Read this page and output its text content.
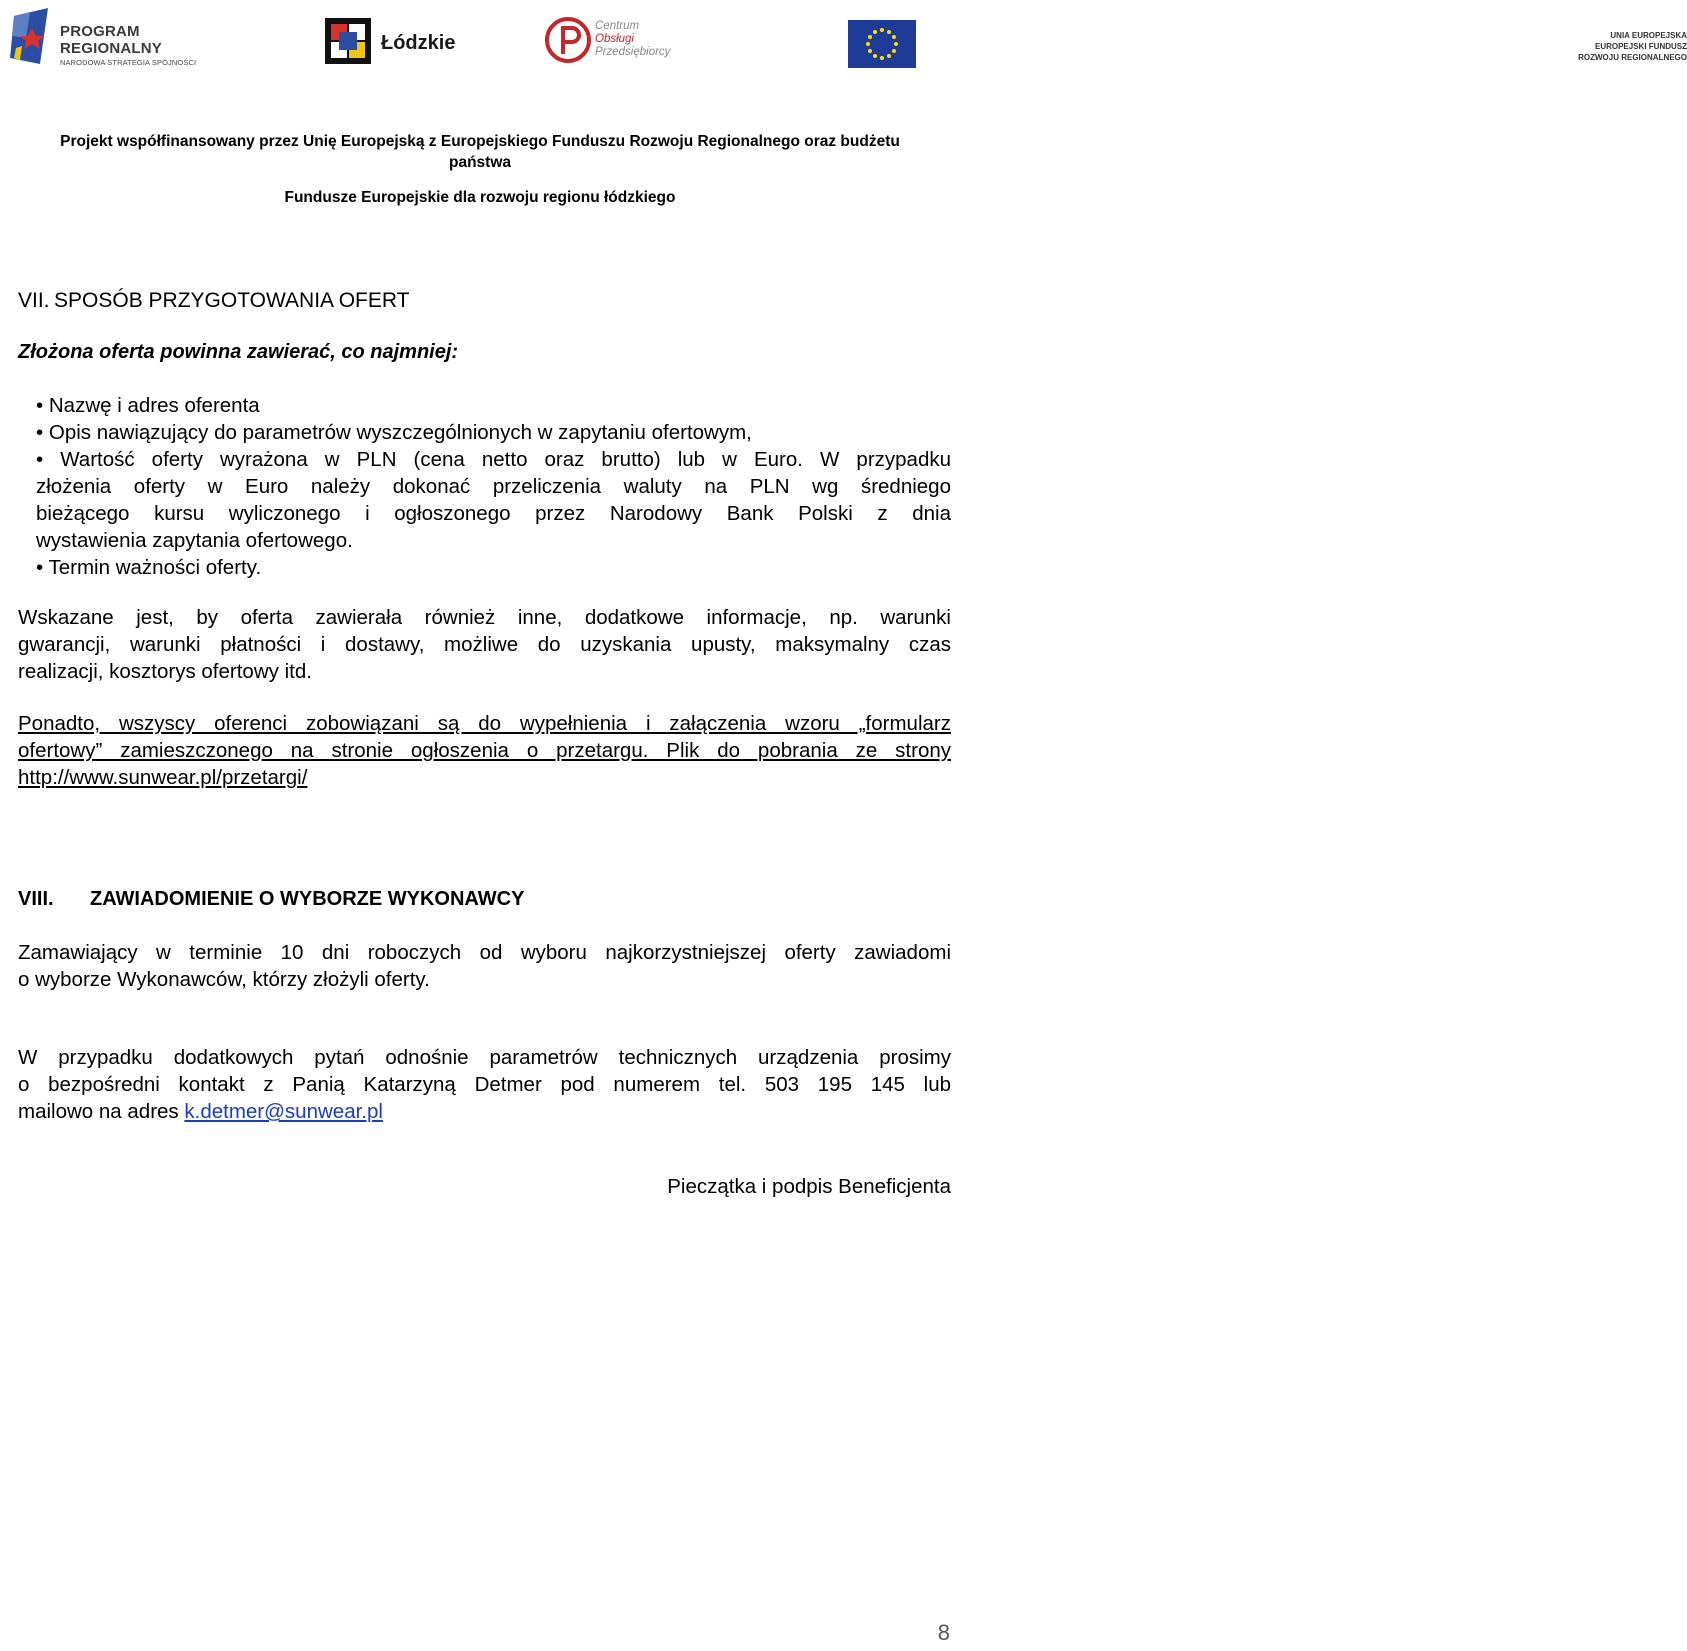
PROGRAM
REGIONALNY
NARODOWA STRATEGIA SPÓJNOŚCI
Łódzkie
Centrum
Obsługi
Przedsiębiorcy
UNIA EUROPEJSKA
EUROPEJSKI FUNDUSZ
ROZWOJU REGIONALNEGO
Projekt współfinansowany przez Unię Europejską z Europejskiego Funduszu Rozwoju Regionalnego oraz budżetu
państwa
Fundusze Europejskie dla rozwoju regionu łódzkiego
VII. SPOSÓB PRZYGOTOWANIA OFERT
Złożona oferta powinna zawierać, co najmniej:
• Nazwę i adres oferenta
• Opis nawiązujący do parametrów wyszczególnionych w zapytaniu ofertowym,
• Wartość oferty wyrażona w PLN (cena netto oraz brutto) lub w Euro. W przypadku
złożenia oferty w Euro należy dokonać przeliczenia waluty na PLN wg średniego
bieżącego kursu wyliczonego i ogłoszonego przez Narodowy Bank Polski z dnia
wystawienia zapytania ofertowego.
• Termin ważności oferty.
Wskazane jest, by oferta zawierała również inne, dodatkowe informacje, np. warunki
gwarancji, warunki płatności i dostawy, możliwe do uzyskania upusty, maksymalny czas
realizacji, kosztorys ofertowy itd.
Ponadto, wszyscy oferenci zobowiązani są do wypełnienia i załączenia wzoru „formularz
ofertowy” zamieszczonego na stronie ogłoszenia o przetargu. Plik do pobrania ze strony
http://www.sunwear.pl/przetargi/
VIII. ZAWIADOMIENIE O WYBORZE WYKONAWCY
Zamawiający w terminie 10 dni roboczych od wyboru najkorzystniejszej oferty zawiadomi
o wyborze Wykonawców, którzy złożyli oferty.
W przypadku dodatkowych pytań odnośnie parametrów technicznych urządzenia prosimy
o bezpośredni kontakt z Panią Katarzyną Detmer pod numerem tel. 503 195 145 lub
mailowo na adres k.detmer@sunwear.pl
Pieczątka i podpis Beneficjenta
8
